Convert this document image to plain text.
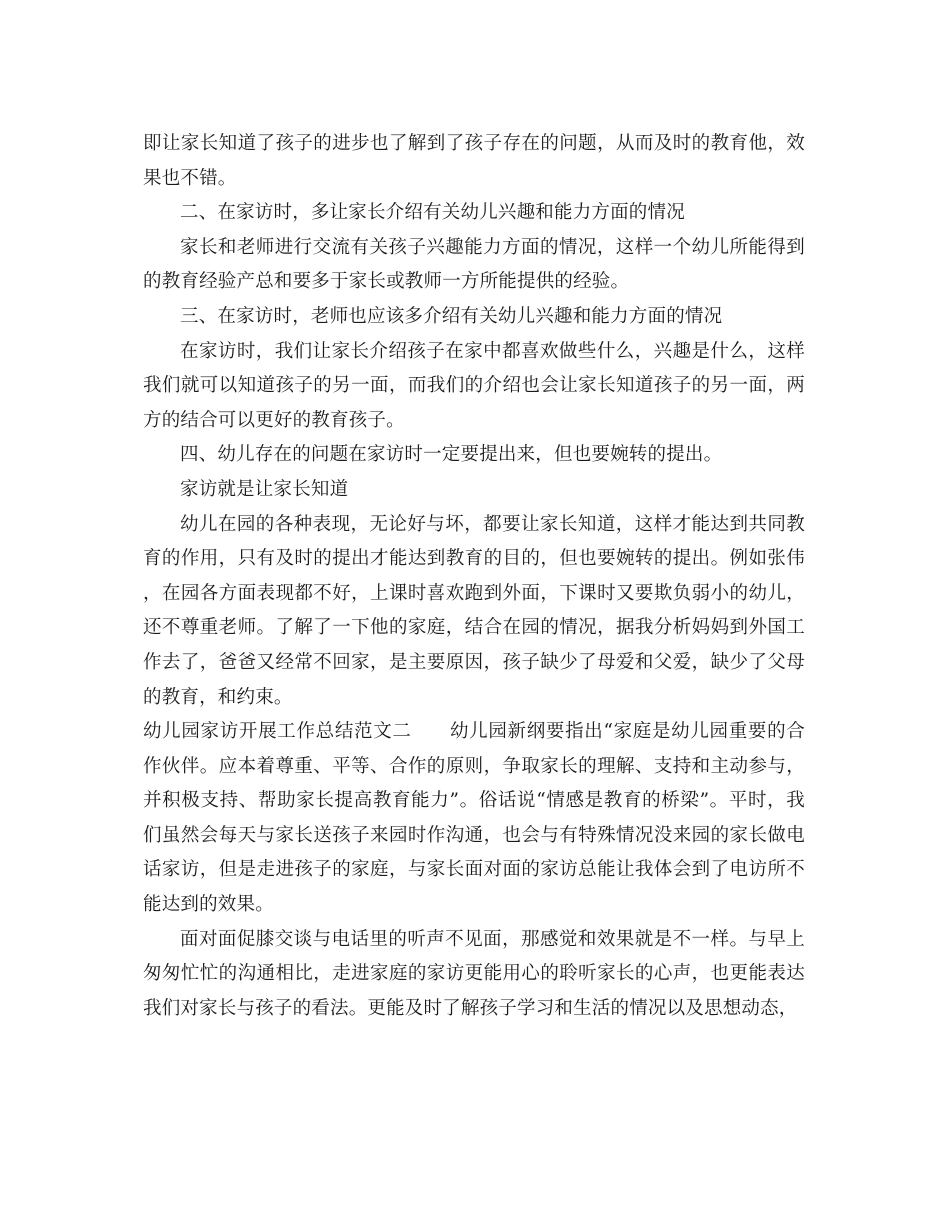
即让家长知道了孩子的进步也了解到了孩子存在的问题，从而及时的教育他，效果也不错。

二、在家访时，多让家长介绍有关幼儿兴趣和能力方面的情况

家长和老师进行交流有关孩子兴趣能力方面的情况，这样一个幼儿所能得到的教育经验产总和要多于家长或教师一方所能提供的经验。

三、在家访时，老师也应该多介绍有关幼儿兴趣和能力方面的情况

在家访时，我们让家长介绍孩子在家中都喜欢做些什么，兴趣是什么，这样我们就可以知道孩子的另一面，而我们的介绍也会让家长知道孩子的另一面，两方的结合可以更好的教育孩子。

四、幼儿存在的问题在家访时一定要提出来，但也要婉转的提出。

家访就是让家长知道

幼儿在园的各种表现，无论好与坏，都要让家长知道，这样才能达到共同教育的作用，只有及时的提出才能达到教育的目的，但也要婉转的提出。例如张伟，在园各方面表现都不好，上课时喜欢跑到外面，下课时又要欺负弱小的幼儿，还不尊重老师。了解了一下他的家庭，结合在园的情况，据我分析妈妈到外国工作去了，爸爸又经常不回家，是主要原因，孩子缺少了母爱和父爱，缺少了父母的教育，和约束。

幼儿园家访开展工作总结范文二　　幼儿园新纲要指出“家庭是幼儿园重要的合作伙伴。应本着尊重、平等、合作的原则，争取家长的理解、支持和主动参与，并积极支持、帮助家长提高教育能力”。俗话说“情感是教育的桥梁”。平时，我们虽然会每天与家长送孩子来园时作沟通，也会与有特殊情况没来园的家长做电话家访，但是走进孩子的家庭，与家长面对面的家访总能让我体会到了电访所不能达到的效果。

面对面促膝交谈与电话里的听声不见面，那感觉和效果就是不一样。与早上匆匆忙忙的沟通相比，走进家庭的家访更能用心的聆听家长的心声，也更能表达我们对家长与孩子的看法。更能及时了解孩子学习和生活的情况以及思想动态，
